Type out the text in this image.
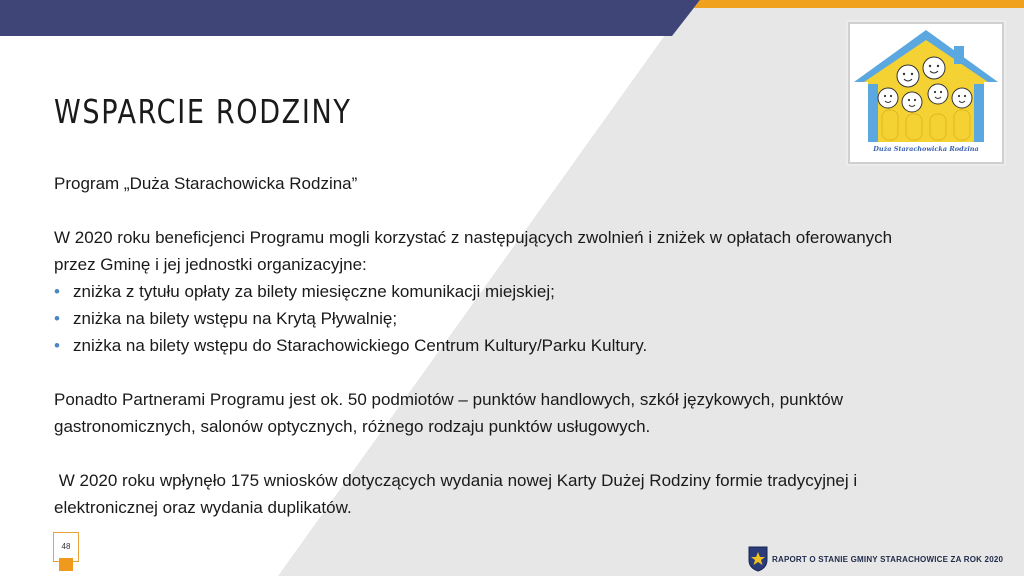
WSPARCIE RODZINY

Program „Duża Starachowicka Rodzina”

W 2020 roku beneficjenci Programu mogli korzystać z następujących zwolnień i zniżek w opłatach oferowanych przez Gminę i jej jednostki organizacyjne:

• zniżka z tytułu opłaty za bilety miesięczne komunikacji miejskiej;
• zniżka na bilety wstępu na Krytą Pływalnię;
• zniżka na bilety wstępu do Starachowickiego Centrum Kultury/Parku Kultury.

Ponadto Partnerami Programu jest ok. 50 podmiotów – punktów handlowych, szkół językowych, punktów gastronomicznych, salonów optycznych, różnego rodzaju punktów usługowych.

W 2020 roku wpłynęło 175 wniosków dotyczących wydania nowej Karty Dużej Rodziny formie tradycyjnej i elektronicznej oraz wydania duplikatów.

Duża Starachowicka Rodzina
48
RAPORT O STANIE GMINY STARACHOWICE ZA ROK 2020
